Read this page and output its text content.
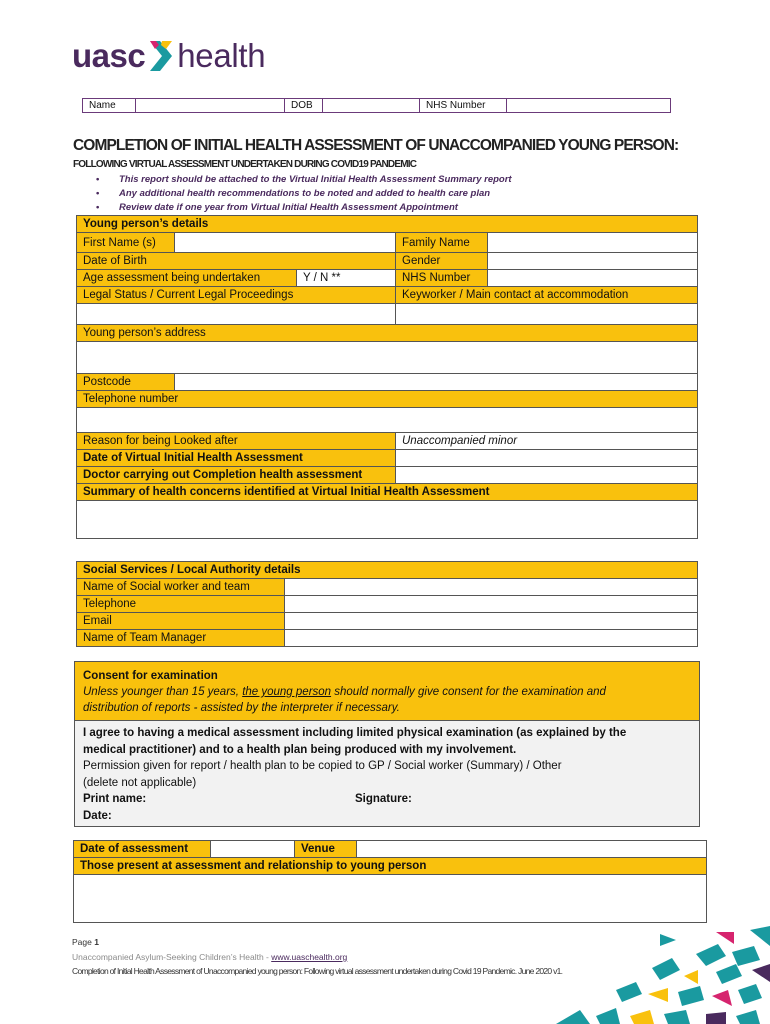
uasc health
Name		DOB		NHS Number	
COMPLETION OF INITIAL HEALTH ASSESSMENT OF UNACCOMPANIED YOUNG PERSON:
FOLLOWING VIRTUAL ASSESSMENT UNDERTAKEN DURING COVID19 PANDEMIC
• This report should be attached to the Virtual Initial Health Assessment Summary report
• Any additional health recommendations to be noted and added to health care plan
• Review date if one year from Virtual Initial Health Assessment Appointment
Young person’s details				
First Name (s)			Family Name	
Date of Birth			Gender	
Age assessment being undertaken		Y / N **	NHS Number	
Legal Status / Current Legal Proceedings			Keyworker / Main contact at accommodation	

Young person’s address				

Postcode				
Telephone number				

Reason for being Looked after			Unaccompanied minor	
Date of Virtual Initial Health Assessment				
Doctor carrying out Completion health assessment				
Summary of health concerns identified at Virtual Initial Health Assessment				

Social Services / Local Authority details	
Name of Social worker and team	
Telephone	
Email	
Name of Team Manager	
Consent for examination
Unless younger than 15 years, the young person should normally give consent for the examination and
distribution of reports - assisted by the interpreter if necessary.
I agree to having a medical assessment including limited physical examination (as explained by the
medical practitioner) and to a health plan being produced with my involvement.
Permission given for report / health plan to be copied to GP / Social worker (Summary) / Other
(delete not applicable)
Print name:	Signature:
Date:
Date of assessment		Venue	
Those present at assessment and relationship to young person

Page 1
Unaccompanied Asylum-Seeking Children’s Health - www.uaschealth.org
Completion of Initial Health Assessment of Unaccompanied young person: Following virtual assessment undertaken during Covid 19 Pandemic. June 2020 v1.
